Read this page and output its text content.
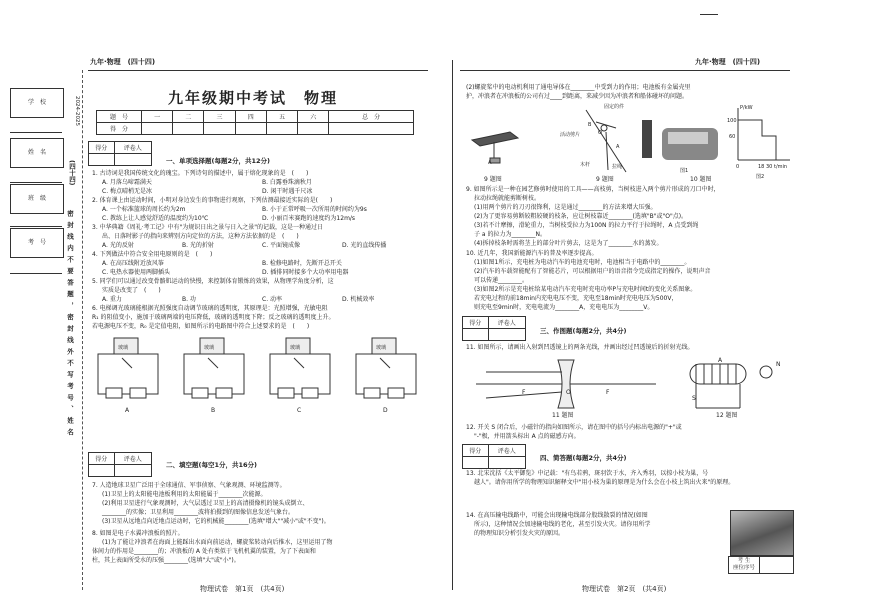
学　校
姓　名
班　级
考　号
2024-2025
(四十四)
密封线内不要答题，密封线外不写考号、姓名
九年·物理　(四十四)
九年级期中考试　物理
题　号	一	二	三	四	五	六	总　分
得　分							
得分	评卷人

一、单项选择题(每题2分，共12分)
1. 古诗词是我国传统文化的瑰宝。下列诗句的描述中，属于熔化现象的是　(　　)
A. 月落乌啼霜满天	B. 白露垂珠滴秋月
C. 梅点晴梢无是冰	D. 闲干时遇千尺冰
2. 体育课上由运动时间，小明对身边发生的事物进行观察，下列估测最接近实际的是(　　)
A. 一个标准篮球的周长约为2m	B. 小于正常呼吸一次所用的时间约为9s
C. 教练上让人感觉舒适的温度约为10℃	D. 小丽百米赛跑的速度约为12m/s
3. 中华典籍《周礼·考工记》中有"为规识日出之景与日入之景"的记载，这是一种通过日
出、日落时影子的指向来辨别方向定位的方法，这种方法依据的是　(　　)
A. 光的反射	B. 光的折射	C. 平面镜成像	D. 光的直线传播
4. 下列做法中符合安全用电原则的是　(　　)
A. 在高压线附近放风筝	B. 检修电路时，先断开总开关
C. 电热水器使用两脚插头	D. 插排同时接多个大功率用电器
5. 同学们可以通过改变骨骼肌运动的快慢，来控制体育锻炼的效果，从物理学角度分析，这
实质是改变了　(　　)
A. 重力	B. 功	C. 动率	D. 机械效率
6. 电梯调光玻璃能根据光照强度自动调节玻璃的透明度，其原理是：光照增强，光敏电阻
R₁ 的阻值变小，施加于玻璃两端的电压降低，玻璃的透明度下降；反之玻璃的透明度上升。
若电源电压不变，R₀ 是定值电阻，如图所示的电路图中符合上述要求的是　(　　)
玻璃	玻璃	玻璃	玻璃
A	B	C	D
得分	评卷人

二、填空题(每空1分，共16分)
7. 人造地球卫星广泛用于全球通信、军事侦察、气象观测、环境监测等。
(1)卫星上的太阳能电池板利用的太阳能属于________次能源。
(2)利用卫星进行气象观测时，大气层透过卫星上的高清摄像机的镜头成倒立、
________的实像；卫星利用________波将拍摄到的图像信息发送气象台。
(3)卫星从远地点向近地点运动时，它的机械能________(选填"增大""减小"或"不变")。
8. 如图是电子水翼冲浪板的照片。
(1)为了能让冲浪者在海面上能踩出水面向前运动，螺旋桨转动向后推水，这里运用了物
体间力的作用是________的；冲浪板的 A 处有类似于飞机机翼的装置，为了下表面和
柱，其上表面所受水的压强________(选填"大"或"小")。
物理试卷　第1页　(共4页)
九年·物理　(四十四)
(2)螺旋桨中的电动机利用了通电导体在________中受到力的作用；电池板有金属壳里
护，冲浪者在冲浪板的公司有过____到距离，来减少因为冲浪者和船体碰坏的问题。
A
固定的件
活动剪片
B
O
A
木杆	拉绳
图1
P/kW
t/min
100
60
0	18 30
图2
9 题图	9 题图	10 题图
9. 如图所示是一种在园艺修剪时使用的工具——高枝剪，当树枝进入两个剪片形成的刀口中时，
拉动拉绳就能剪断树枝。
(1)用两个剪片的刀刃很锋利，这是通过________的方法来增大压强。
(2)为了更容易剪断较粗较硬的枝条，应让树枝靠近________(选填"B"或"O"点)。
(3)若不计摩擦，滑轮重力，当树枝受拉力为100N 的拉力平行于拉绳时，A 点受到绳
子 a 的拉力为________N。
(4)拆掉枝条时需将茎上的部分叶片剪去，这是为了________水的蒸发。
10. 近几年，我国新能源汽车的普及率逐步提高。
(1)如图1所示，充电桩为电动汽车的电池充电时，电池相当于电路中的________。
(2)汽车的车载智能配有了智能芯片，可以根据用户的语音指令完成指定的操作，说明声音
可以传递________。
(3)如图2所示是充电桩给某电动汽车充电时充电功率P与充电时间t的变化关系图象。
若充电过程的前18min内充电电压不变，充电至18min时充电电压为500V，
则充电至9min时，充电电流为________A，充电电压为________V。
得分	评卷人

三、作图题(每题2分，共4分)
11. 如图所示，请画出入射到凹透镜上的两条光线，并画出经过凹透镜后的折射光线。
F	O	F
S
A
N
11 题图	12 题图
12. 开关 S 闭合后，小磁针的指向如图所示，请在图中的括号内标出电源的"+"或
"-"极，并用箭头标出 A 点的磁感方向。
得分	评卷人

四、简答题(每题2分，共4分)
13. 北宋沈括《太平御览》中记载："有鸟若鸦，斑羽饮于水，齐入秀羽，以掠小枝为巢，号
越人"。请你用所学的物理知识解释文中"用小枝为巢的原理是为什么会在小枝上筑出火来"的原理。
14. 在高压输电线路中，可能会出现输电线部分股线散裂的情况(如图
所示)，这种情况会加速输电线的老化，甚至引发火灾。请你用所学
的物理知识分析引发火灾的原因。
考 生
座位序号	
物理试卷　第2页　(共4页)
